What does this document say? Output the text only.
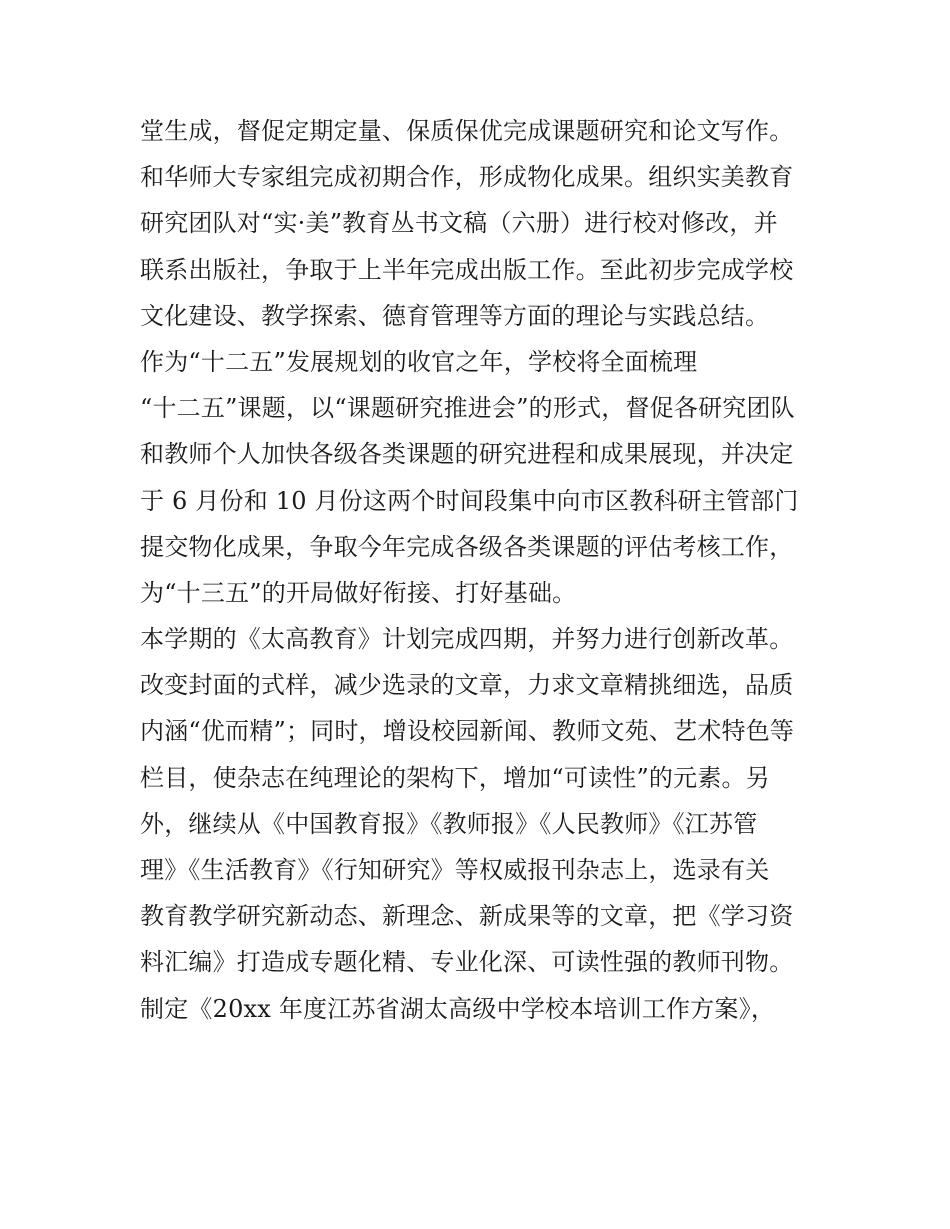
堂生成，督促定期定量、保质保优完成课题研究和论文写作。
和华师大专家组完成初期合作，形成物化成果。组织实美教育
研究团队对“实·美”教育丛书文稿（六册）进行校对修改，并
联系出版社，争取于上半年完成出版工作。至此初步完成学校
文化建设、教学探索、德育管理等方面的理论与实践总结。
作为“十二五”发展规划的收官之年，学校将全面梳理
“十二五”课题，以“课题研究推进会”的形式，督促各研究团队
和教师个人加快各级各类课题的研究进程和成果展现，并决定
于 6 月份和 10 月份这两个时间段集中向市区教科研主管部门
提交物化成果，争取今年完成各级各类课题的评估考核工作，
为“十三五”的开局做好衔接、打好基础。
本学期的《太高教育》计划完成四期，并努力进行创新改革。
改变封面的式样，减少选录的文章，力求文章精挑细选，品质
内涵“优而精”；同时，增设校园新闻、教师文苑、艺术特色等
栏目，使杂志在纯理论的架构下，增加“可读性”的元素。另
外，继续从《中国教育报》《教师报》《人民教师》《江苏管
理》《生活教育》《行知研究》等权威报刊杂志上，选录有关
教育教学研究新动态、新理念、新成果等的文章，把《学习资
料汇编》打造成专题化精、专业化深、可读性强的教师刊物。
制定《20xx 年度江苏省湖太高级中学校本培训工作方案》，
